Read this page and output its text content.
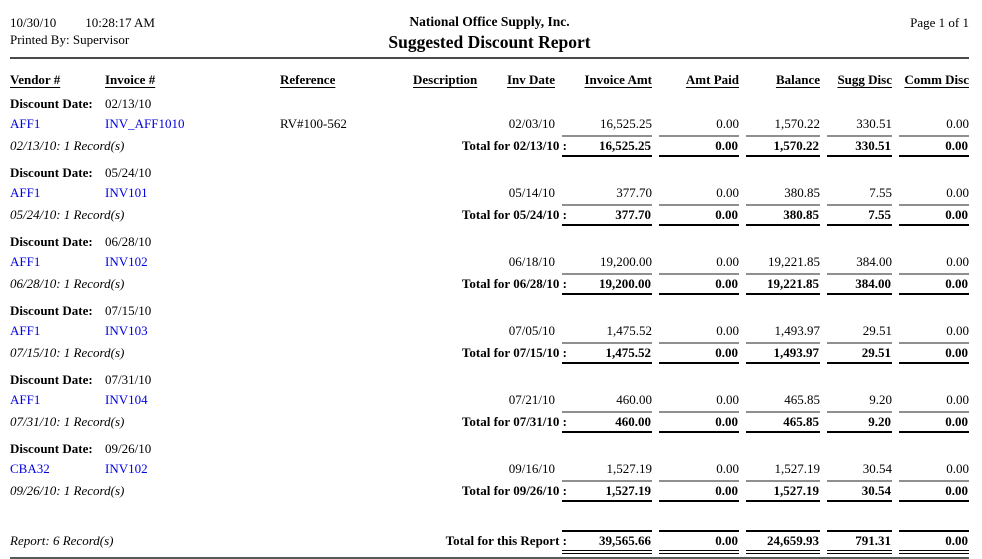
10/30/10 10:28:17 AM
Printed By: Supervisor
National Office Supply, Inc.
Suggested Discount Report
Page 1 of 1
Vendor #	Invoice #	Reference	Description	Inv Date	Invoice Amt	Amt Paid	Balance	Sugg Disc Comm Disc
Discount Date: 02/13/10
AFF1	INV_AFF1010	RV#100-562	02/03/10	16,525.25	0.00	1,570.22	330.51	0.00
02/13/10: 1 Record(s)	Total for 02/13/10 :	16,525.25	0.00	1,570.22	330.51	0.00
Discount Date: 05/24/10
AFF1	INV101	05/14/10	377.70	0.00	380.85	7.55	0.00
05/24/10: 1 Record(s)	Total for 05/24/10 :	377.70	0.00	380.85	7.55	0.00
Discount Date: 06/28/10
AFF1	INV102	06/18/10	19,200.00	0.00	19,221.85	384.00	0.00
06/28/10: 1 Record(s)	Total for 06/28/10 :	19,200.00	0.00	19,221.85	384.00	0.00
Discount Date: 07/15/10
AFF1	INV103	07/05/10	1,475.52	0.00	1,493.97	29.51	0.00
07/15/10: 1 Record(s)	Total for 07/15/10 :	1,475.52	0.00	1,493.97	29.51	0.00
Discount Date: 07/31/10
AFF1	INV104	07/21/10	460.00	0.00	465.85	9.20	0.00
07/31/10: 1 Record(s)	Total for 07/31/10 :	460.00	0.00	465.85	9.20	0.00
Discount Date: 09/26/10
CBA32	INV102	09/16/10	1,527.19	0.00	1,527.19	30.54	0.00
09/26/10: 1 Record(s)	Total for 09/26/10 :	1,527.19	0.00	1,527.19	30.54	0.00
Report: 6 Record(s)	Total for this Report :	39,565.66	0.00	24,659.93	791.31	0.00
